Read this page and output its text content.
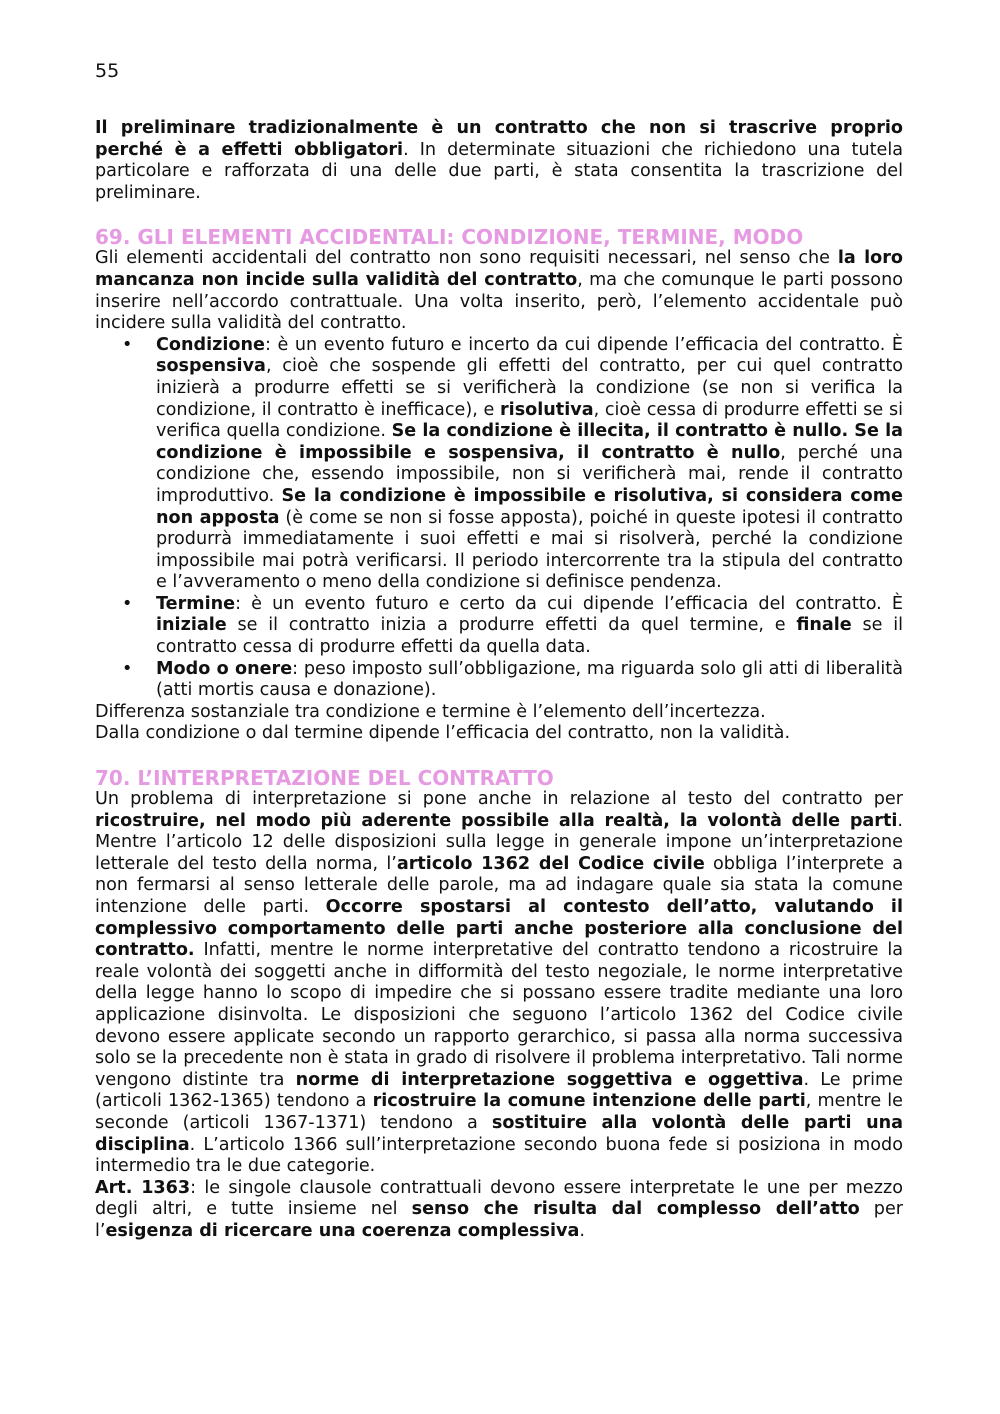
55

Il preliminare tradizionalmente è un contratto che non si trascrive proprio perché è a effetti obbligatori. In determinate situazioni che richiedono una tutela particolare e rafforzata di una delle due parti, è stata consentita la trascrizione del preliminare.

69. GLI ELEMENTI ACCIDENTALI: CONDIZIONE, TERMINE, MODO

Gli elementi accidentali del contratto non sono requisiti necessari, nel senso che la loro mancanza non incide sulla validità del contratto, ma che comunque le parti possono inserire nell’accordo contrattuale. Una volta inserito, però, l’elemento accidentale può incidere sulla validità del contratto.

• Condizione: è un evento futuro e incerto da cui dipende l’efficacia del contratto. È sospensiva, cioè che sospende gli effetti del contratto, per cui quel contratto inizierà a produrre effetti se si verificherà la condizione (se non si verifica la condizione, il contratto è inefficace), e risolutiva, cioè cessa di produrre effetti se si verifica quella condizione. Se la condizione è illecita, il contratto è nullo. Se la condizione è impossibile e sospensiva, il contratto è nullo, perché una condizione che, essendo impossibile, non si verificherà mai, rende il contratto improduttivo. Se la condizione è impossibile e risolutiva, si considera come non apposta (è come se non si fosse apposta), poiché in queste ipotesi il contratto produrrà immediatamente i suoi effetti e mai si risolverà, perché la condizione impossibile mai potrà verificarsi. Il periodo intercorrente tra la stipula del contratto e l’avveramento o meno della condizione si definisce pendenza.
• Termine: è un evento futuro e certo da cui dipende l’efficacia del contratto. È iniziale se il contratto inizia a produrre effetti da quel termine, e finale se il contratto cessa di produrre effetti da quella data.
• Modo o onere: peso imposto sull’obbligazione, ma riguarda solo gli atti di liberalità (atti mortis causa e donazione).

Differenza sostanziale tra condizione e termine è l’elemento dell’incertezza.

Dalla condizione o dal termine dipende l’efficacia del contratto, non la validità.

70. L’INTERPRETAZIONE DEL CONTRATTO

Un problema di interpretazione si pone anche in relazione al testo del contratto per ricostruire, nel modo più aderente possibile alla realtà, la volontà delle parti. Mentre l’articolo 12 delle disposizioni sulla legge in generale impone un’interpretazione letterale del testo della norma, l’articolo 1362 del Codice civile obbliga l’interprete a non fermarsi al senso letterale delle parole, ma ad indagare quale sia stata la comune intenzione delle parti. Occorre spostarsi al contesto dell’atto, valutando il complessivo comportamento delle parti anche posteriore alla conclusione del contratto. Infatti, mentre le norme interpretative del contratto tendono a ricostruire la reale volontà dei soggetti anche in difformità del testo negoziale, le norme interpretative della legge hanno lo scopo di impedire che si possano essere tradite mediante una loro applicazione disinvolta. Le disposizioni che seguono l’articolo 1362 del Codice civile devono essere applicate secondo un rapporto gerarchico, si passa alla norma successiva solo se la precedente non è stata in grado di risolvere il problema interpretativo. Tali norme vengono distinte tra norme di interpretazione soggettiva e oggettiva. Le prime (articoli 1362-1365) tendono a ricostruire la comune intenzione delle parti, mentre le seconde (articoli 1367-1371) tendono a sostituire alla volontà delle parti una disciplina. L’articolo 1366 sull’interpretazione secondo buona fede si posiziona in modo intermedio tra le due categorie.

Art. 1363: le singole clausole contrattuali devono essere interpretate le une per mezzo degli altri, e tutte insieme nel senso che risulta dal complesso dell’atto per l’esigenza di ricercare una coerenza complessiva.
